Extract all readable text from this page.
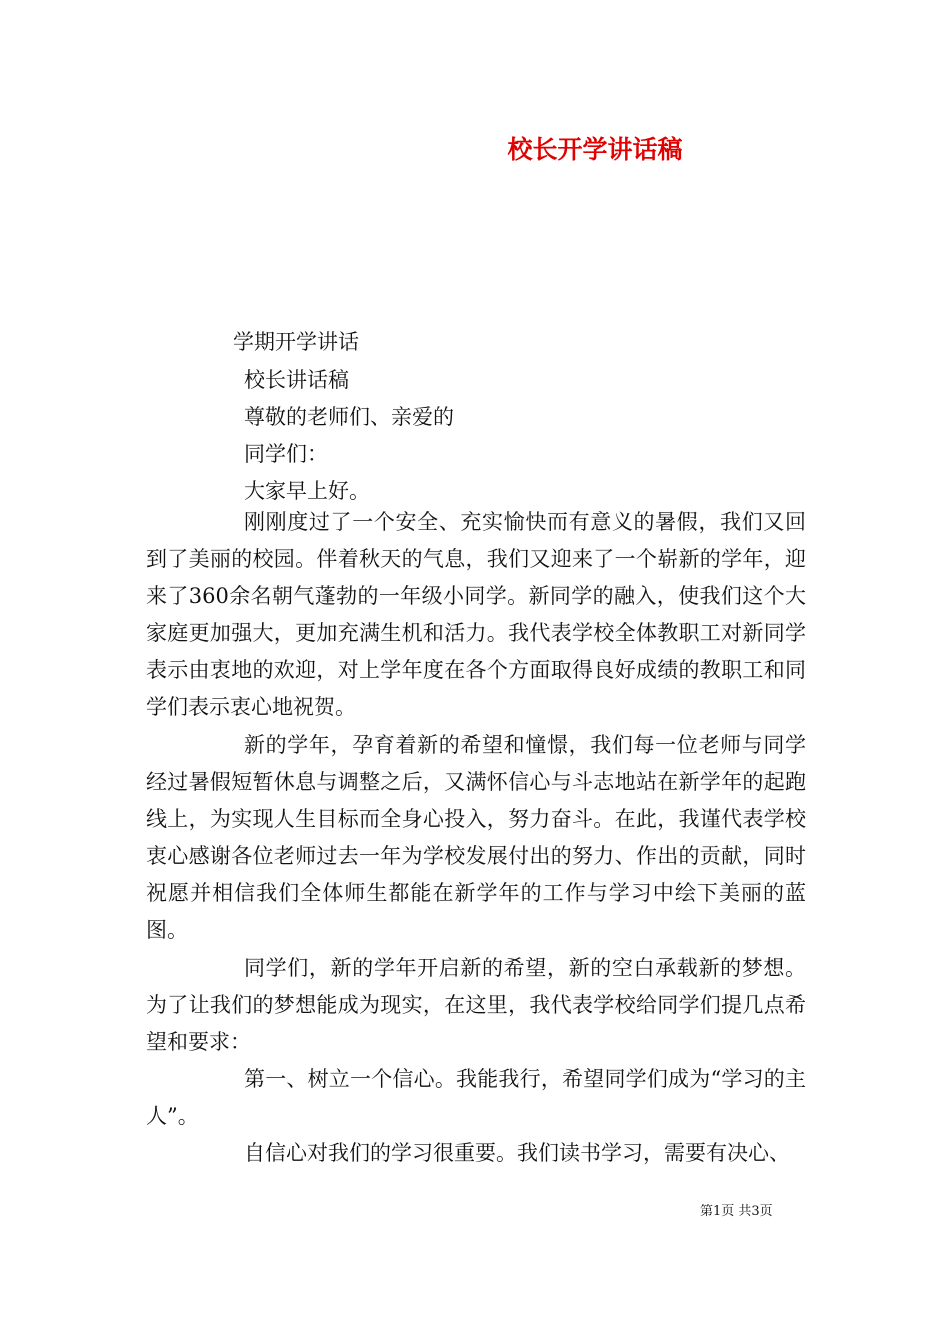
校长开学讲话稿
学期开学讲话
校长讲话稿
尊敬的老师们、亲爱的
同学们：
大家早上好。

刚刚度过了一个安全、充实愉快而有意义的暑假，我们又回到了美丽的校园。伴着秋天的气息，我们又迎来了一个崭新的学年，迎来了360余名朝气蓬勃的一年级小同学。新同学的融入，使我们这个大家庭更加强大，更加充满生机和活力。我代表学校全体教职工对新同学表示由衷地的欢迎，对上学年度在各个方面取得良好成绩的教职工和同学们表示衷心地祝贺。

新的学年，孕育着新的希望和憧憬，我们每一位老师与同学经过暑假短暂休息与调整之后，又满怀信心与斗志地站在新学年的起跑线上，为实现人生目标而全身心投入，努力奋斗。在此，我谨代表学校衷心感谢各位老师过去一年为学校发展付出的努力、作出的贡献，同时祝愿并相信我们全体师生都能在新学年的工作与学习中绘下美丽的蓝图。

同学们，新的学年开启新的希望，新的空白承载新的梦想。为了让我们的梦想能成为现实，在这里，我代表学校给同学们提几点希望和要求：

第一、树立一个信心。我能我行，希望同学们成为“学习的主人”。

自信心对我们的学习很重要。我们读书学习，需要有决心、

第1页 共3页
